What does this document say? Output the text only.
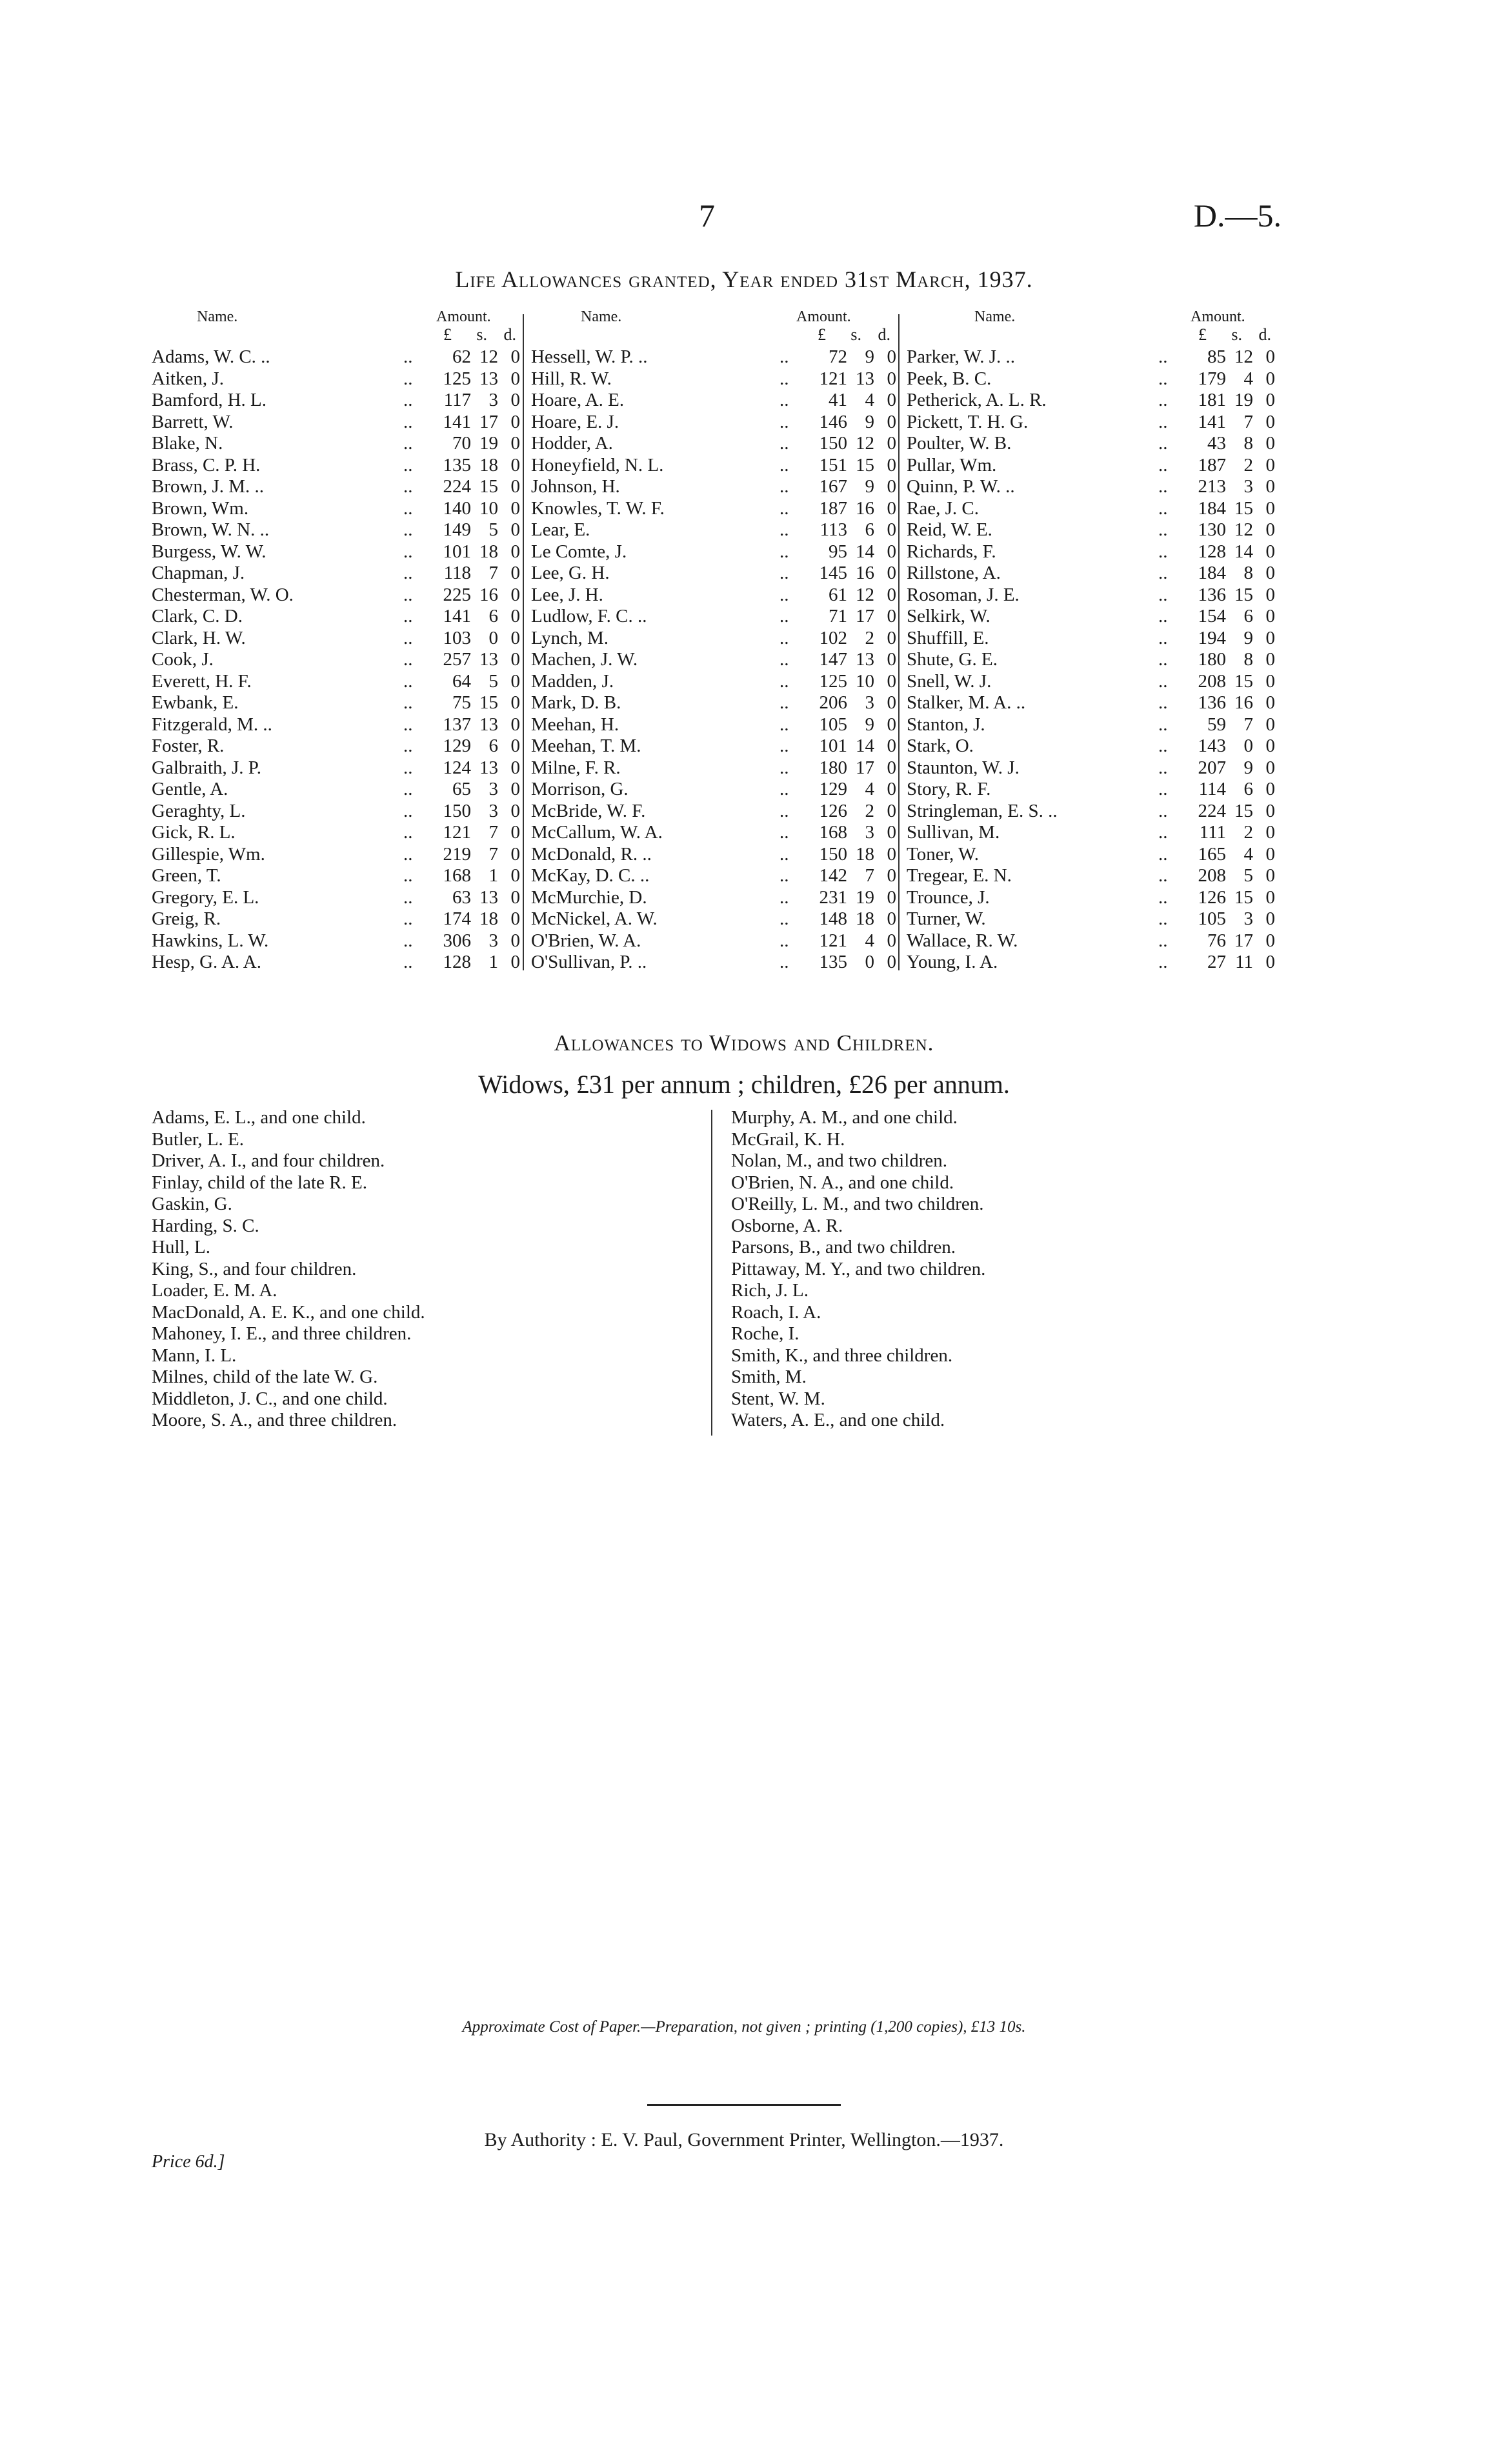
7	D.—5.
Life Allowances granted, Year ended 31st March, 1937.
Name.	Amount.	Name.	Amount.	Name.	Amount.
£	s. d.	£	s. d.	£	s. d.
Adams, W. C. ..	..	62 12 0
Aitken, J.	..	125 13 0
Bamford, H. L.	..	117 3 0
Barrett, W.	..	141 17 0
Blake, N.	..	70 19 0
Brass, C. P. H.	..	135 18 0
Brown, J. M. ..	..	224 15 0
Brown, Wm.	..	140 10 0
Brown, W. N. ..	..	149 5 0
Burgess, W. W.	..	101 18 0
Chapman, J.	..	118 7 0
Chesterman, W. O.	..	225 16 0
Clark, C. D.	..	141 6 0
Clark, H. W.	..	103 0 0
Cook, J.	..	257 13 0
Everett, H. F.	..	64 5 0
Ewbank, E.	..	75 15 0
Fitzgerald, M. ..	..	137 13 0
Foster, R.	..	129 6 0
Galbraith, J. P.	..	124 13 0
Gentle, A.	..	65 3 0
Geraghty, L.	..	150 3 0
Gick, R. L.	..	121 7 0
Gillespie, Wm.	..	219 7 0
Green, T.	..	168 1 0
Gregory, E. L.	..	63 13 0
Greig, R.	..	174 18 0
Hawkins, L. W.	..	306 3 0
Hesp, G. A. A.	..	128 1 0
Hessell, W. P. ..	..	72 9 0
Hill, R. W.	..	121 13 0
Hoare, A. E.	..	41 4 0
Hoare, E. J.	..	146 9 0
Hodder, A.	..	150 12 0
Honeyfield, N. L.	..	151 15 0
Johnson, H.	..	167 9 0
Knowles, T. W. F.	..	187 16 0
Lear, E.	..	113 6 0
Le Comte, J.	..	95 14 0
Lee, G. H.	..	145 16 0
Lee, J. H.	..	61 12 0
Ludlow, F. C. ..	..	71 17 0
Lynch, M.	..	102 2 0
Machen, J. W.	..	147 13 0
Madden, J.	..	125 10 0
Mark, D. B.	..	206 3 0
Meehan, H.	..	105 9 0
Meehan, T. M.	..	101 14 0
Milne, F. R.	..	180 17 0
Morrison, G.	..	129 4 0
McBride, W. F.	..	126 2 0
McCallum, W. A.	..	168 3 0
McDonald, R. ..	..	150 18 0
McKay, D. C. ..	..	142 7 0
McMurchie, D.	..	231 19 0
McNickel, A. W.	..	148 18 0
O'Brien, W. A.	..	121 4 0
O'Sullivan, P. ..	..	135 0 0
Parker, W. J. ..	..	85 12 0
Peek, B. C.	..	179 4 0
Petherick, A. L. R.	..	181 19 0
Pickett, T. H. G.	..	141 7 0
Poulter, W. B.	..	43 8 0
Pullar, Wm.	..	187 2 0
Quinn, P. W. ..	..	213 3 0
Rae, J. C.	..	184 15 0
Reid, W. E.	..	130 12 0
Richards, F.	..	128 14 0
Rillstone, A.	..	184 8 0
Rosoman, J. E.	..	136 15 0
Selkirk, W.	..	154 6 0
Shuffill, E.	..	194 9 0
Shute, G. E.	..	180 8 0
Snell, W. J.	..	208 15 0
Stalker, M. A. ..	..	136 16 0
Stanton, J.	..	59 7 0
Stark, O.	..	143 0 0
Staunton, W. J.	..	207 9 0
Story, R. F.	..	114 6 0
Stringleman, E. S. ..	..	224 15 0
Sullivan, M.	..	111 2 0
Toner, W.	..	165 4 0
Tregear, E. N.	..	208 5 0
Trounce, J.	..	126 15 0
Turner, W.	..	105 3 0
Wallace, R. W.	..	76 17 0
Young, I. A.	..	27 11 0
Allowances to Widows and Children.
Widows, £31 per annum ; children, £26 per annum.
Adams, E. L., and one child.
Butler, L. E.
Driver, A. I., and four children.
Finlay, child of the late R. E.
Gaskin, G.
Harding, S. C.
Hull, L.
King, S., and four children.
Loader, E. M. A.
MacDonald, A. E. K., and one child.
Mahoney, I. E., and three children.
Mann, I. L.
Milnes, child of the late W. G.
Middleton, J. C., and one child.
Moore, S. A., and three children.
Murphy, A. M., and one child.
McGrail, K. H.
Nolan, M., and two children.
O'Brien, N. A., and one child.
O'Reilly, L. M., and two children.
Osborne, A. R.
Parsons, B., and two children.
Pittaway, M. Y., and two children.
Rich, J. L.
Roach, I. A.
Roche, I.
Smith, K., and three children.
Smith, M.
Stent, W. M.
Waters, A. E., and one child.
Approximate Cost of Paper.—Preparation, not given ; printing (1,200 copies), £13 10s.
By Authority : E. V. Paul, Government Printer, Wellington.—1937.
Price 6d.]
